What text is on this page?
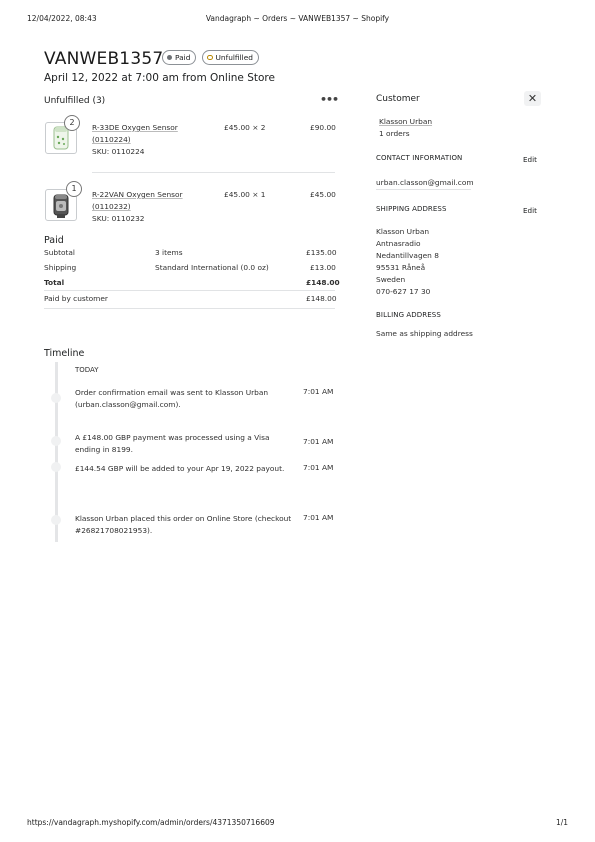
12/04/2022, 08:43	Vandagraph ~ Orders ~ VANWEB1357 ~ Shopify
VANWEB1357 Paid	Unfulfilled
April 12, 2022 at 7:00 am from Online Store
Unfulfilled (3)	•••
2
R-33DE Oxygen Sensor
(0110224)
SKU: 0110224
£45.00 × 2	£90.00
1
R-22VAN Oxygen Sensor
(0110232)
SKU: 0110232
£45.00 × 1	£45.00
Paid
Subtotal	3 items	£135.00
Shipping	Standard International (0.0 oz)	£13.00
Total	£148.00
Paid by customer	£148.00
Timeline
TODAY
Order confirmation email was sent to Klasson Urban (urban.classon@gmail.com).
7:01 AM
A £148.00 GBP payment was processed using a Visa ending in 8199.
7:01 AM
£144.54 GBP will be added to your Apr 19, 2022 payout.	7:01 AM
Klasson Urban placed this order on Online Store (checkout #26821708021953).
7:01 AM
Customer	✕
Klasson Urban
1 orders
CONTACT INFORMATION	Edit
urban.classon@gmail.com
SHIPPING ADDRESS	Edit
Klasson Urban
Antnasradio
Nedantillvagen 8
95531 Råneå
Sweden
070-627 17 30
BILLING ADDRESS
Same as shipping address
https://vandagraph.myshopify.com/admin/orders/4371350716609	1/1
